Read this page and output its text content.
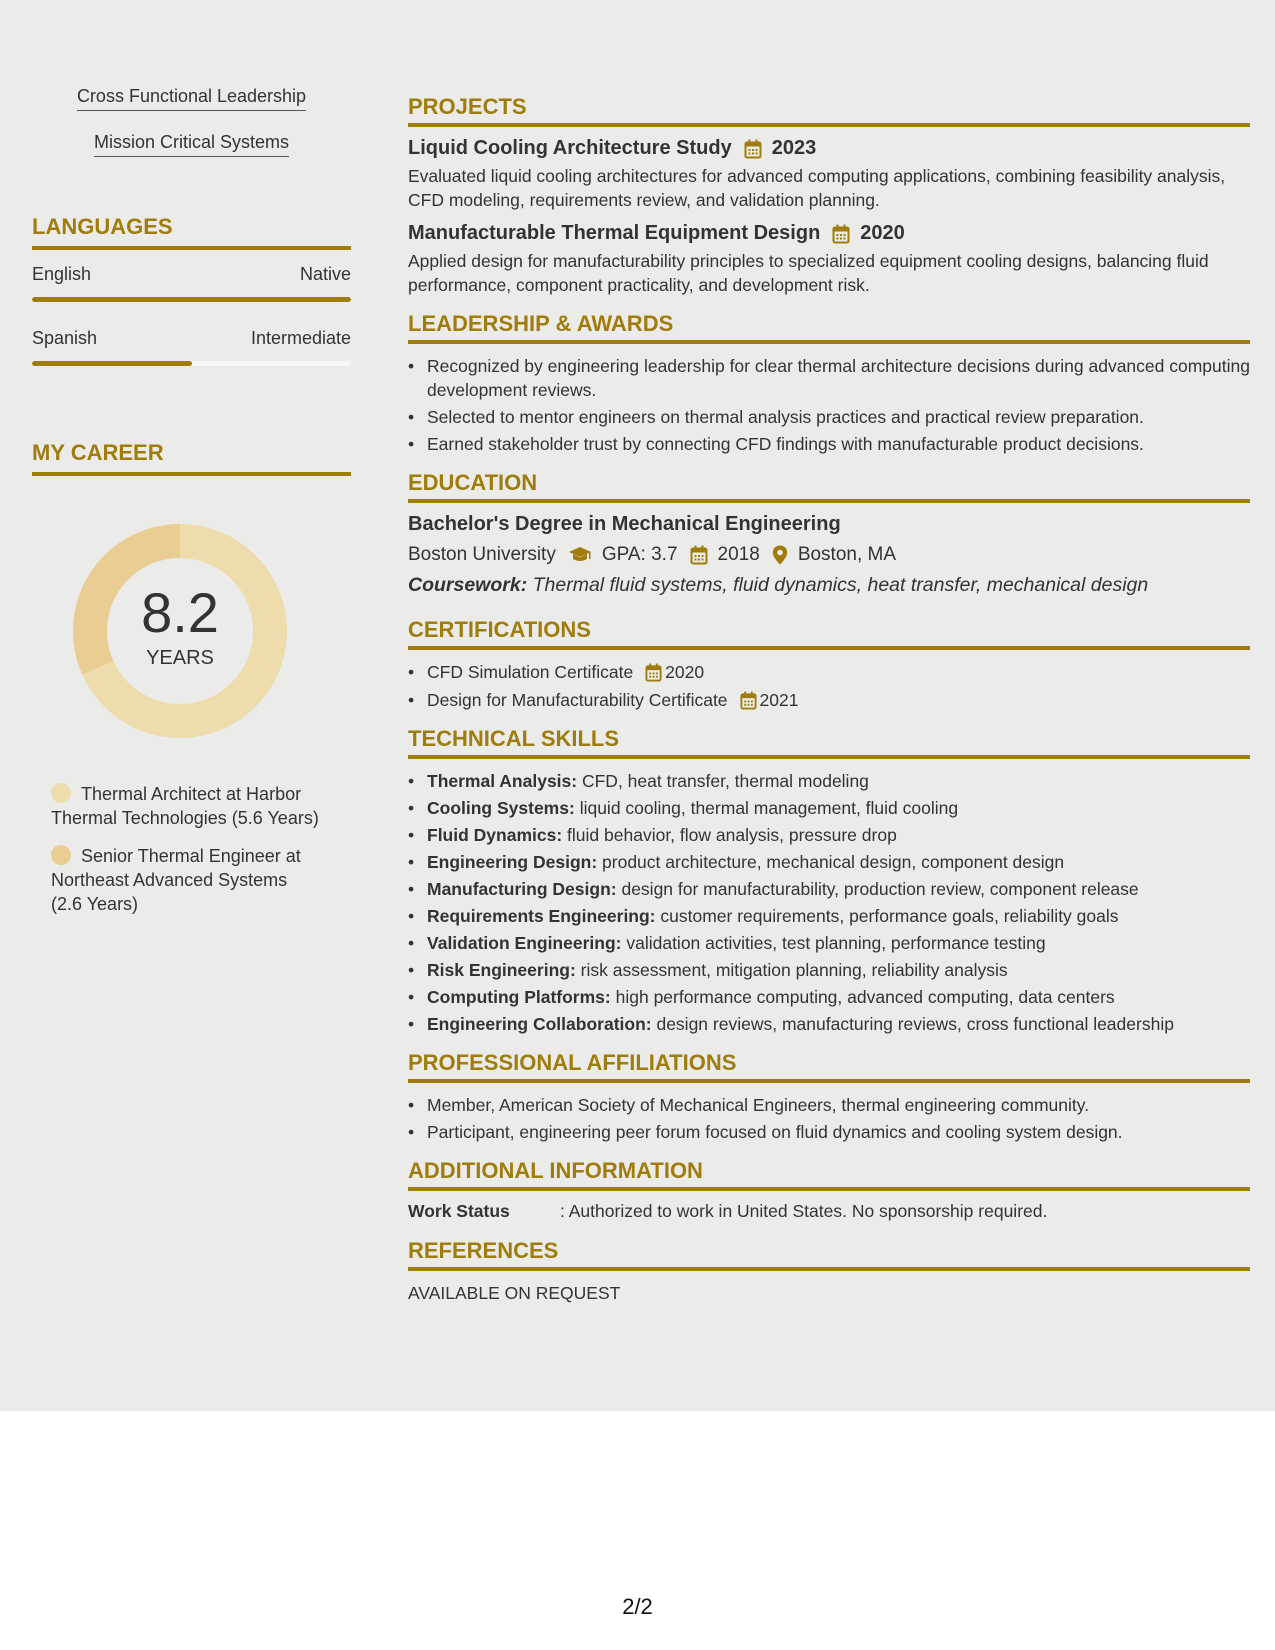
Cross Functional Leadership
Mission Critical Systems
LANGUAGES
English	Native
Spanish	Intermediate
MY CAREER
8.2
YEARS
Thermal Architect at Harbor Thermal Technologies (5.6 Years)
Senior Thermal Engineer at Northeast Advanced Systems (2.6 Years)
PROJECTS
Liquid Cooling Architecture Study 2023
Evaluated liquid cooling architectures for advanced computing applications, combining feasibility analysis, CFD modeling, requirements review, and validation planning.
Manufacturable Thermal Equipment Design 2020
Applied design for manufacturability principles to specialized equipment cooling designs, balancing fluid performance, component practicality, and development risk.
LEADERSHIP & AWARDS
• Recognized by engineering leadership for clear thermal architecture decisions during advanced computing development reviews.
• Selected to mentor engineers on thermal analysis practices and practical review preparation.
• Earned stakeholder trust by connecting CFD findings with manufacturable product decisions.
EDUCATION
Bachelor's Degree in Mechanical Engineering
Boston University GPA: 3.7 2018 Boston, MA
Coursework: Thermal fluid systems, fluid dynamics, heat transfer, mechanical design
CERTIFICATIONS
• CFD Simulation Certificate 2020
• Design for Manufacturability Certificate 2021
TECHNICAL SKILLS
• Thermal Analysis: CFD, heat transfer, thermal modeling
• Cooling Systems: liquid cooling, thermal management, fluid cooling
• Fluid Dynamics: fluid behavior, flow analysis, pressure drop
• Engineering Design: product architecture, mechanical design, component design
• Manufacturing Design: design for manufacturability, production review, component release
• Requirements Engineering: customer requirements, performance goals, reliability goals
• Validation Engineering: validation activities, test planning, performance testing
• Risk Engineering: risk assessment, mitigation planning, reliability analysis
• Computing Platforms: high performance computing, advanced computing, data centers
• Engineering Collaboration: design reviews, manufacturing reviews, cross functional leadership
PROFESSIONAL AFFILIATIONS
• Member, American Society of Mechanical Engineers, thermal engineering community.
• Participant, engineering peer forum focused on fluid dynamics and cooling system design.
ADDITIONAL INFORMATION
Work Status	: Authorized to work in United States. No sponsorship required.
REFERENCES
AVAILABLE ON REQUEST
2/2
